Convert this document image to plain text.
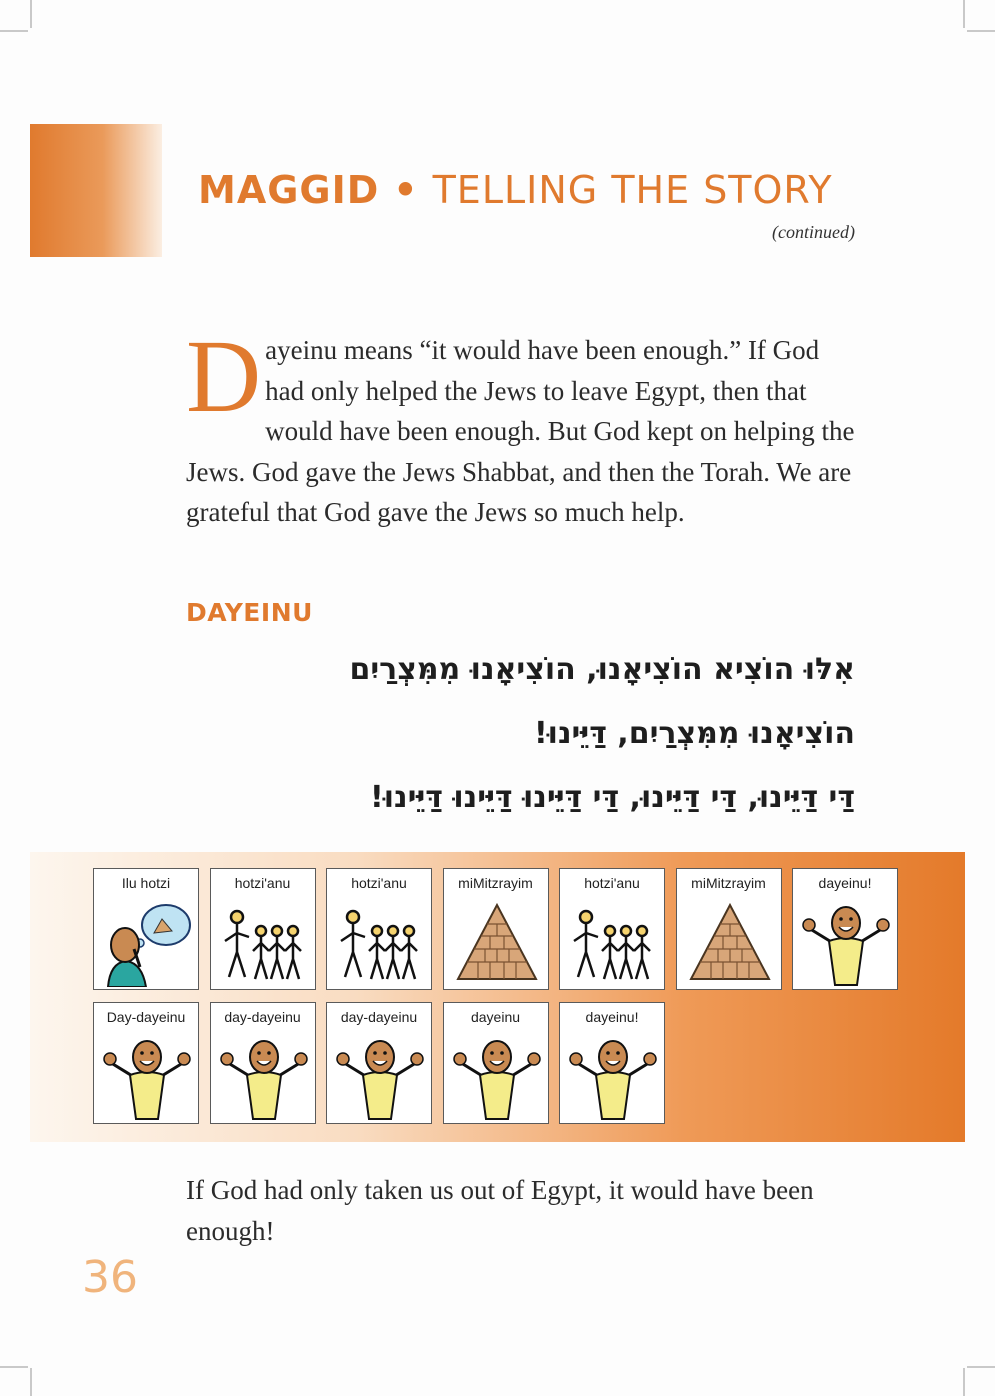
MAGGID • TELLING THE STORY
(continued)
Dayeinu means “it would have been enough.” If God had only helped the Jews to leave Egypt, then that would have been enough. But God kept on helping the Jews. God gave the Jews Shabbat, and then the Torah. We are grateful that God gave the Jews so much help.
DAYEINU
אִלּוּ הוֹצִיא הוֹצִיאָנוּ, הוֹצִיאָנוּ מִמִּצְרַיִם
הוֹצִיאָנוּ מִמִּצְרַיִם, דַּיֵּינוּ!
דַּי דַּיֵּינוּ, דַּי דַּיֵּינוּ, דַּי דַּיֵּינוּ דַּיֵּינוּ דַּיֵּינוּ!
Ilu hotzi	hotzi'anu	hotzi'anu	miMitzrayim	hotzi'anu	miMitzrayim	dayeinu!
Day-dayeinu	day-dayeinu	day-dayeinu	dayeinu	dayeinu!
If God had only taken us out of Egypt, it would have been enough!
36
